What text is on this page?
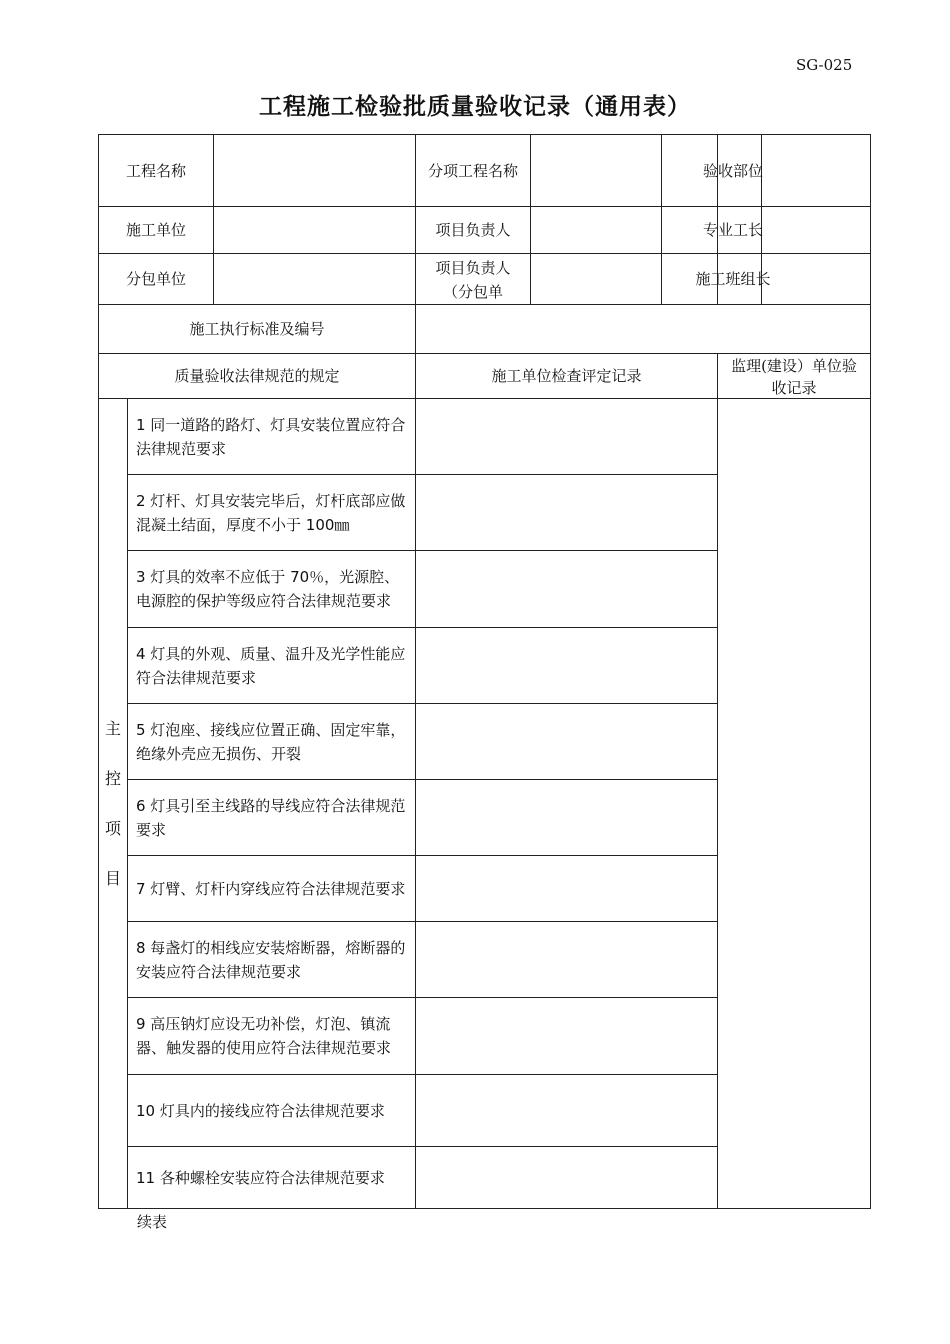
SG-025
工程施工检验批质量验收记录（通用表）
工程名称			分项工程名称	验收部位	

施工单位			项目负责人	专业工长	

分包单位			项目负责人（分包单	施工班组长	

施工执行标准及编号					
质量验收法律规范的规定			施工单位检查评定记录		监理(建设）单位验收记录

主
控
项
目	1 同一道路的路灯、灯具安装位置应符合法律规范要求				
	2 灯杆、灯具安装完毕后，灯杆底部应做混凝土结面，厚度不小于 100㎜				
	3 灯具的效率不应低于 70％，光源腔、电源腔的保护等级应符合法律规范要求				
	4 灯具的外观、质量、温升及光学性能应符合法律规范要求				
	5 灯泡座、接线应位置正确、固定牢靠，绝缘外壳应无损伤、开裂				
	6 灯具引至主线路的导线应符合法律规范要求				
	7 灯臂、灯杆内穿线应符合法律规范要求				
	8 每盏灯的相线应安装熔断器，熔断器的安装应符合法律规范要求				
	9 高压钠灯应设无功补偿，灯泡、镇流器、触发器的使用应符合法律规范要求				
	10 灯具内的接线应符合法律规范要求				
	11 各种螺栓安装应符合法律规范要求				
续表
